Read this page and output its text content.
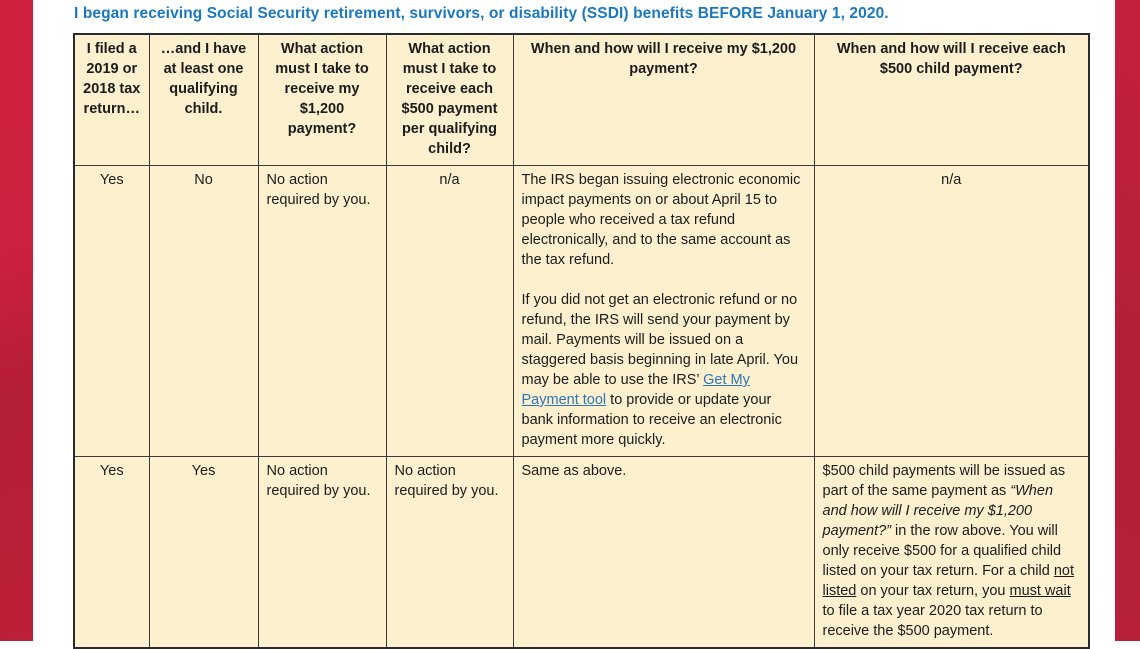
I began receiving Social Security retirement, survivors, or disability (SSDI) benefits BEFORE January 1, 2020.
I filed a 2019 or 2018 tax return…	…and I have at least one qualifying child.	What action must I take to receive my $1,200 payment?	What action must I take to receive each $500 payment per qualifying child?	When and how will I receive my $1,200 payment?	When and how will I receive each $500 child payment?
Yes	No	No action required by you.	n/a	The IRS began issuing electronic economic impact payments on or about April 15 to people who received a tax refund electronically, and to the same account as the tax refund.
If you did not get an electronic refund or no refund, the IRS will send your payment by mail. Payments will be issued on a staggered basis beginning in late April. You may be able to use the IRS’ Get My Payment tool to provide or update your bank information to receive an electronic payment more quickly.	n/a
Yes	Yes	No action required by you.	No action required by you.	Same as above.	$500 child payments will be issued as part of the same payment as “When and how will I receive my $1,200 payment?” in the row above. You will only receive $500 for a qualified child listed on your tax return. For a child not listed on your tax return, you must wait to file a tax year 2020 tax return to receive the $500 payment.
